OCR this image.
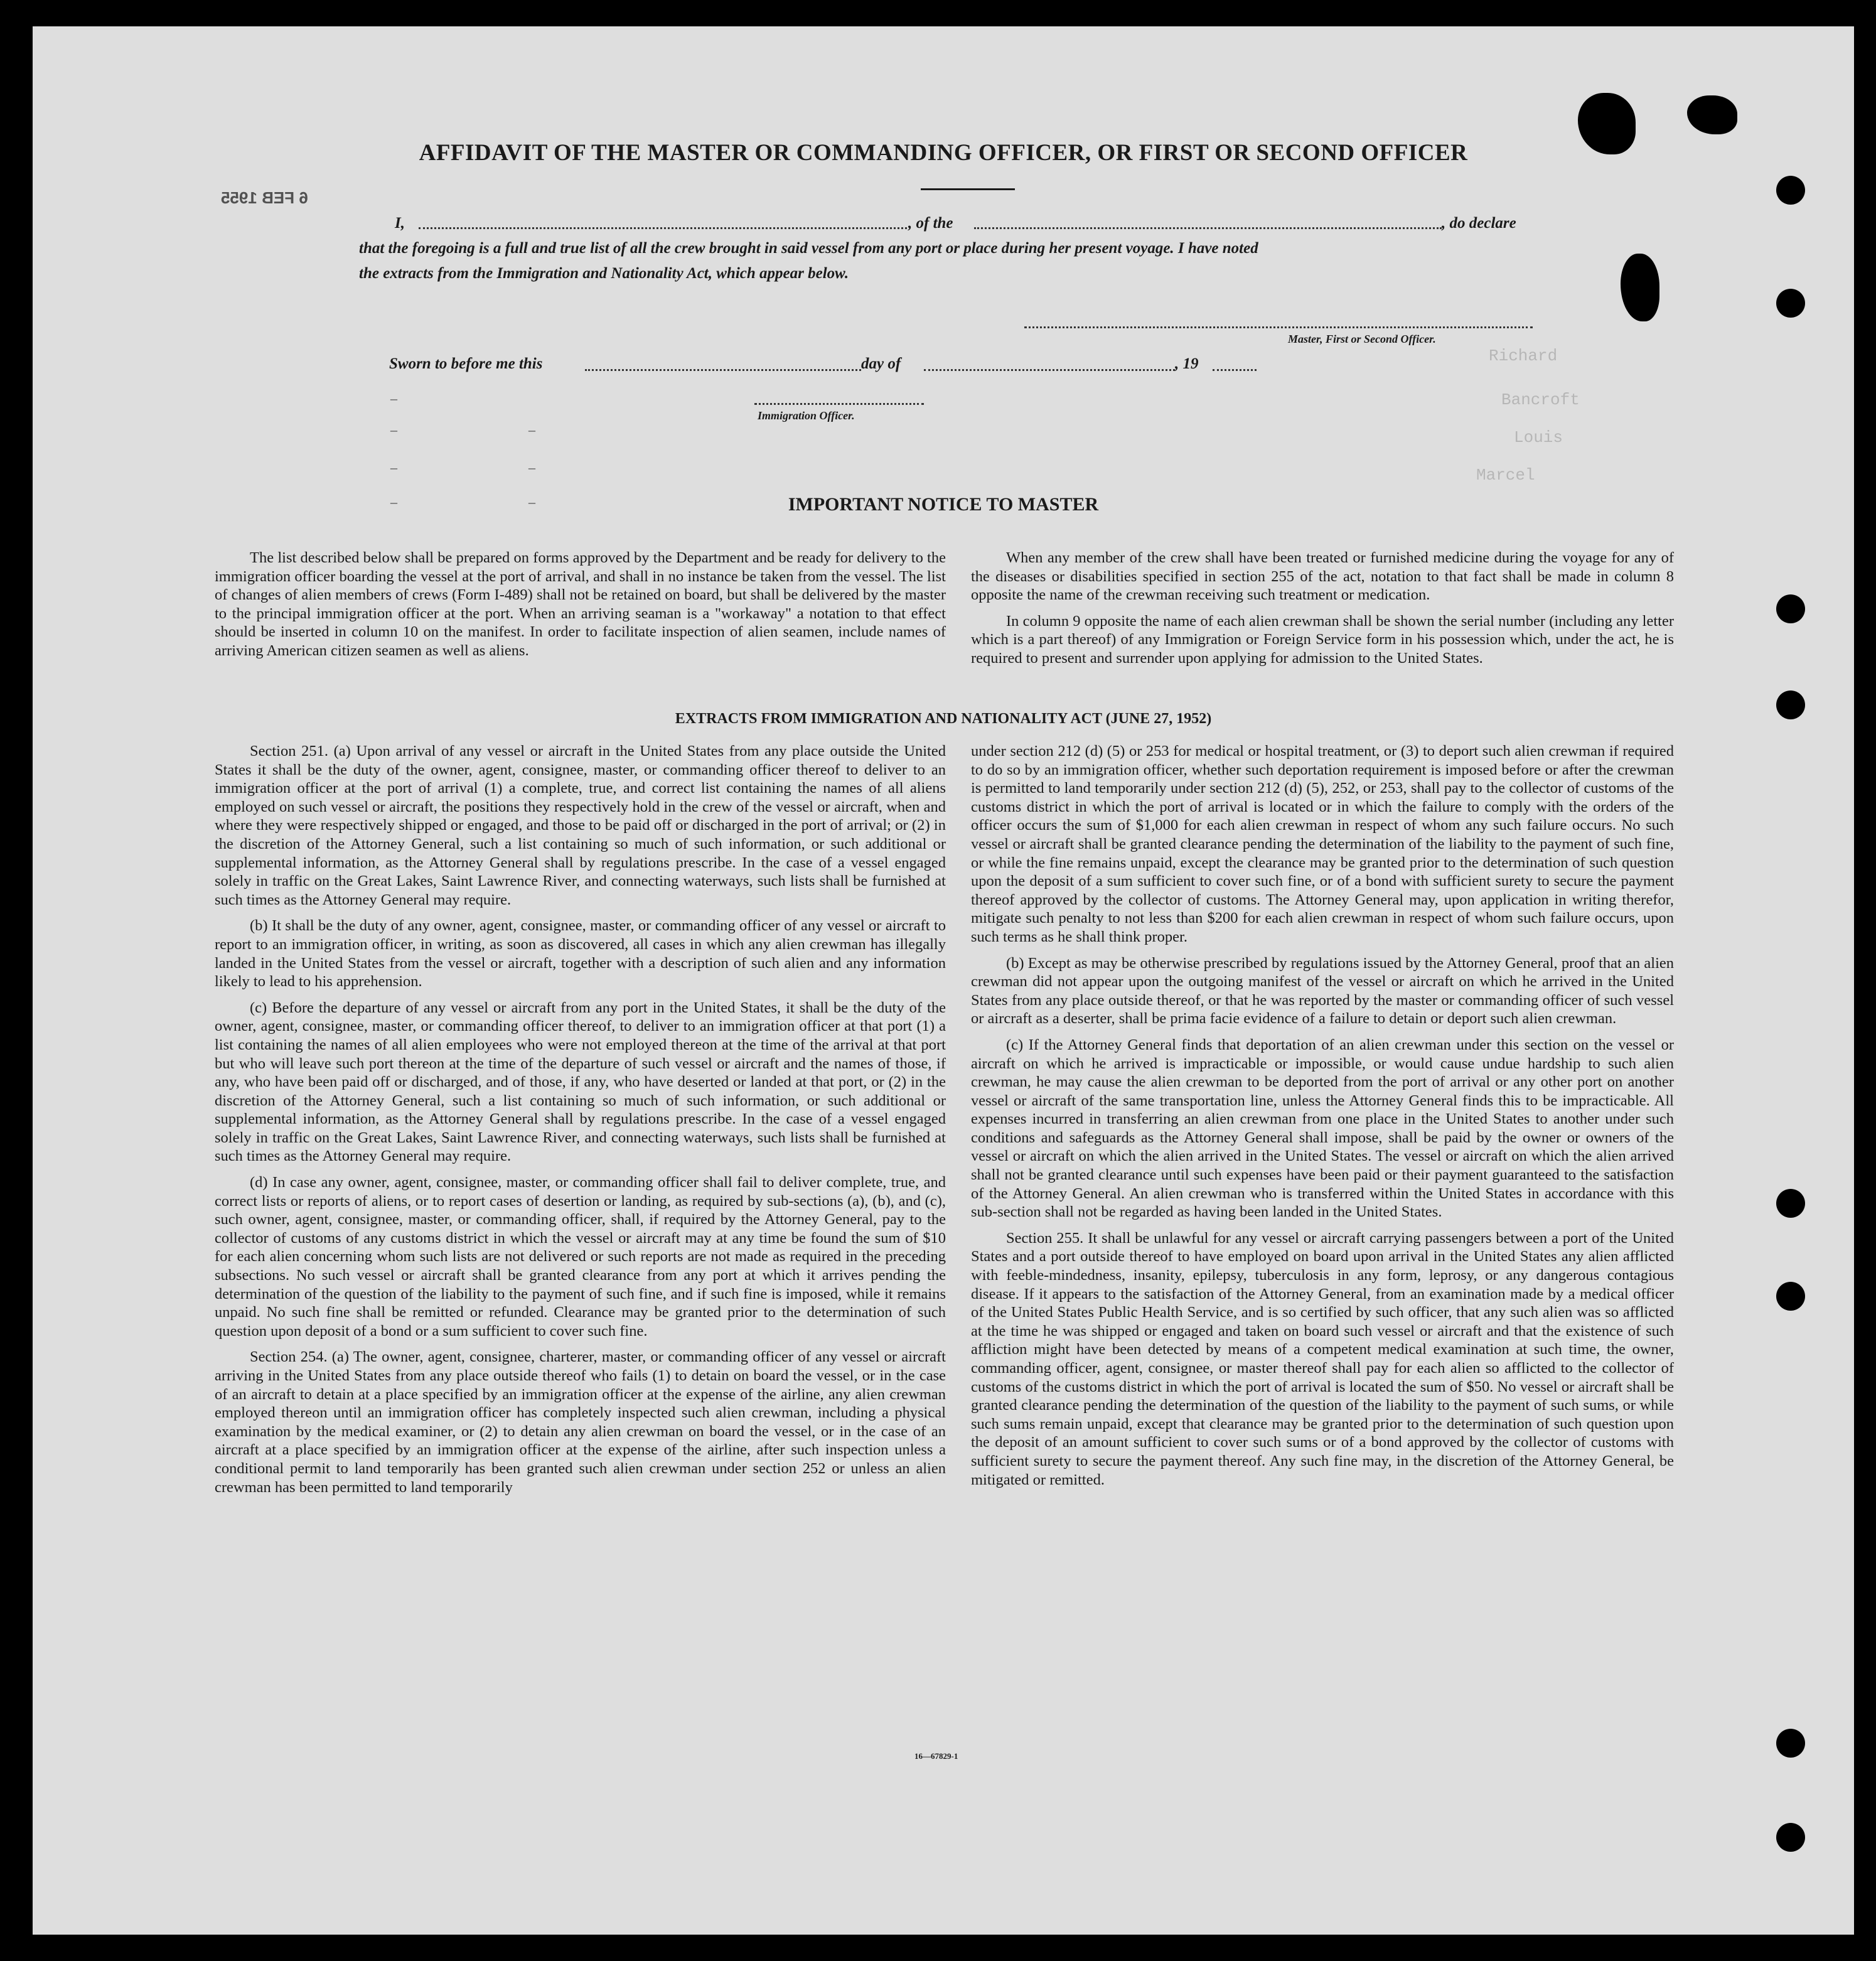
Richard
Bancroft
Louis
Marcel
6 FEB 1955
AFFIDAVIT OF THE MASTER OR COMMANDING OFFICER, OR FIRST OR SECOND OFFICER
I,	, of the	, do declare
that the foregoing is a full and true list of all the crew brought in said vessel from any port or place during her present voyage. I have noted
the extracts from the Immigration and Nationality Act, which appear below.
Master, First or Second Officer.
Sworn to before me this	day of	, 19
Immigration Officer.
–
–	–
–	–
–	–	IMPORTANT NOTICE TO MASTER

The list described below shall be prepared on forms approved by the Department and be ready for delivery to the immigration officer boarding the vessel at the port of arrival, and shall in no instance be taken from the vessel. The list of changes of alien members of crews (Form I-489) shall not be retained on board, but shall be delivered by the master to the principal immigration officer at the port. When an arriving seaman is a "workaway" a notation to that effect should be inserted in column 10 on the manifest. In order to facilitate inspection of alien seamen, include names of arriving American citizen seamen as well as aliens.

When any member of the crew shall have been treated or furnished medicine during the voyage for any of the diseases or disabilities specified in section 255 of the act, notation to that fact shall be made in column 8 opposite the name of the crewman receiving such treatment or medication.

In column 9 opposite the name of each alien crewman shall be shown the serial number (including any letter which is a part thereof) of any Immigration or Foreign Service form in his possession which, under the act, he is required to present and surrender upon applying for admission to the United States.

EXTRACTS FROM IMMIGRATION AND NATIONALITY ACT (JUNE 27, 1952)

Section 251. (a) Upon arrival of any vessel or aircraft in the United States from any place outside the United States it shall be the duty of the owner, agent, consignee, master, or commanding officer thereof to deliver to an immigration officer at the port of arrival (1) a complete, true, and correct list containing the names of all aliens employed on such vessel or aircraft, the positions they respectively hold in the crew of the vessel or aircraft, when and where they were respectively shipped or engaged, and those to be paid off or discharged in the port of arrival; or (2) in the discretion of the Attorney General, such a list containing so much of such information, or such additional or supplemental information, as the Attorney General shall by regulations prescribe. In the case of a vessel engaged solely in traffic on the Great Lakes, Saint Lawrence River, and connecting waterways, such lists shall be furnished at such times as the Attorney General may require.

(b) It shall be the duty of any owner, agent, consignee, master, or commanding officer of any vessel or aircraft to report to an immigration officer, in writing, as soon as discovered, all cases in which any alien crewman has illegally landed in the United States from the vessel or aircraft, together with a description of such alien and any information likely to lead to his apprehension.

(c) Before the departure of any vessel or aircraft from any port in the United States, it shall be the duty of the owner, agent, consignee, master, or commanding officer thereof, to deliver to an immigration officer at that port (1) a list containing the names of all alien employees who were not employed thereon at the time of the arrival at that port but who will leave such port thereon at the time of the departure of such vessel or aircraft and the names of those, if any, who have been paid off or discharged, and of those, if any, who have deserted or landed at that port, or (2) in the discretion of the Attorney General, such a list containing so much of such information, or such additional or supplemental information, as the Attorney General shall by regulations prescribe. In the case of a vessel engaged solely in traffic on the Great Lakes, Saint Lawrence River, and connecting waterways, such lists shall be furnished at such times as the Attorney General may require.

(d) In case any owner, agent, consignee, master, or commanding officer shall fail to deliver complete, true, and correct lists or reports of aliens, or to report cases of desertion or landing, as required by sub-sections (a), (b), and (c), such owner, agent, consignee, master, or commanding officer, shall, if required by the Attorney General, pay to the collector of customs of any customs district in which the vessel or aircraft may at any time be found the sum of $10 for each alien concerning whom such lists are not delivered or such reports are not made as required in the preceding subsections. No such vessel or aircraft shall be granted clearance from any port at which it arrives pending the determination of the question of the liability to the payment of such fine, and if such fine is imposed, while it remains unpaid. No such fine shall be remitted or refunded. Clearance may be granted prior to the determination of such question upon deposit of a bond or a sum sufficient to cover such fine.

Section 254. (a) The owner, agent, consignee, charterer, master, or commanding officer of any vessel or aircraft arriving in the United States from any place outside thereof who fails (1) to detain on board the vessel, or in the case of an aircraft to detain at a place specified by an immigration officer at the expense of the airline, any alien crewman employed thereon until an immigration officer has completely inspected such alien crewman, including a physical examination by the medical examiner, or (2) to detain any alien crewman on board the vessel, or in the case of an aircraft at a place specified by an immigration officer at the expense of the airline, after such inspection unless a conditional permit to land temporarily has been granted such alien crewman under section 252 or unless an alien crewman has been permitted to land temporarily

under section 212 (d) (5) or 253 for medical or hospital treatment, or (3) to deport such alien crewman if required to do so by an immigration officer, whether such deportation requirement is imposed before or after the crewman is permitted to land temporarily under section 212 (d) (5), 252, or 253, shall pay to the collector of customs of the customs district in which the port of arrival is located or in which the failure to comply with the orders of the officer occurs the sum of $1,000 for each alien crewman in respect of whom any such failure occurs. No such vessel or aircraft shall be granted clearance pending the determination of the liability to the payment of such fine, or while the fine remains unpaid, except the clearance may be granted prior to the determination of such question upon the deposit of a sum sufficient to cover such fine, or of a bond with sufficient surety to secure the payment thereof approved by the collector of customs. The Attorney General may, upon application in writing therefor, mitigate such penalty to not less than $200 for each alien crewman in respect of whom such failure occurs, upon such terms as he shall think proper.

(b) Except as may be otherwise prescribed by regulations issued by the Attorney General, proof that an alien crewman did not appear upon the outgoing manifest of the vessel or aircraft on which he arrived in the United States from any place outside thereof, or that he was reported by the master or commanding officer of such vessel or aircraft as a deserter, shall be prima facie evidence of a failure to detain or deport such alien crewman.

(c) If the Attorney General finds that deportation of an alien crewman under this section on the vessel or aircraft on which he arrived is impracticable or impossible, or would cause undue hardship to such alien crewman, he may cause the alien crewman to be deported from the port of arrival or any other port on another vessel or aircraft of the same transportation line, unless the Attorney General finds this to be impracticable. All expenses incurred in transferring an alien crewman from one place in the United States to another under such conditions and safeguards as the Attorney General shall impose, shall be paid by the owner or owners of the vessel or aircraft on which the alien arrived in the United States. The vessel or aircraft on which the alien arrived shall not be granted clearance until such expenses have been paid or their payment guaranteed to the satisfaction of the Attorney General. An alien crewman who is transferred within the United States in accordance with this sub-section shall not be regarded as having been landed in the United States.

Section 255. It shall be unlawful for any vessel or aircraft carrying passengers between a port of the United States and a port outside thereof to have employed on board upon arrival in the United States any alien afflicted with feeble-mindedness, insanity, epilepsy, tuberculosis in any form, leprosy, or any dangerous contagious disease. If it appears to the satisfaction of the Attorney General, from an examination made by a medical officer of the United States Public Health Service, and is so certified by such officer, that any such alien was so afflicted at the time he was shipped or engaged and taken on board such vessel or aircraft and that the existence of such affliction might have been detected by means of a competent medical examination at such time, the owner, commanding officer, agent, consignee, or master thereof shall pay for each alien so afflicted to the collector of customs of the customs district in which the port of arrival is located the sum of $50. No vessel or aircraft shall be granted clearance pending the determination of the question of the liability to the payment of such sums, or while such sums remain unpaid, except that clearance may be granted prior to the determination of such question upon the deposit of an amount sufficient to cover such sums or of a bond approved by the collector of customs with sufficient surety to secure the payment thereof. Any such fine may, in the discretion of the Attorney General, be mitigated or remitted.

16—67829-1
